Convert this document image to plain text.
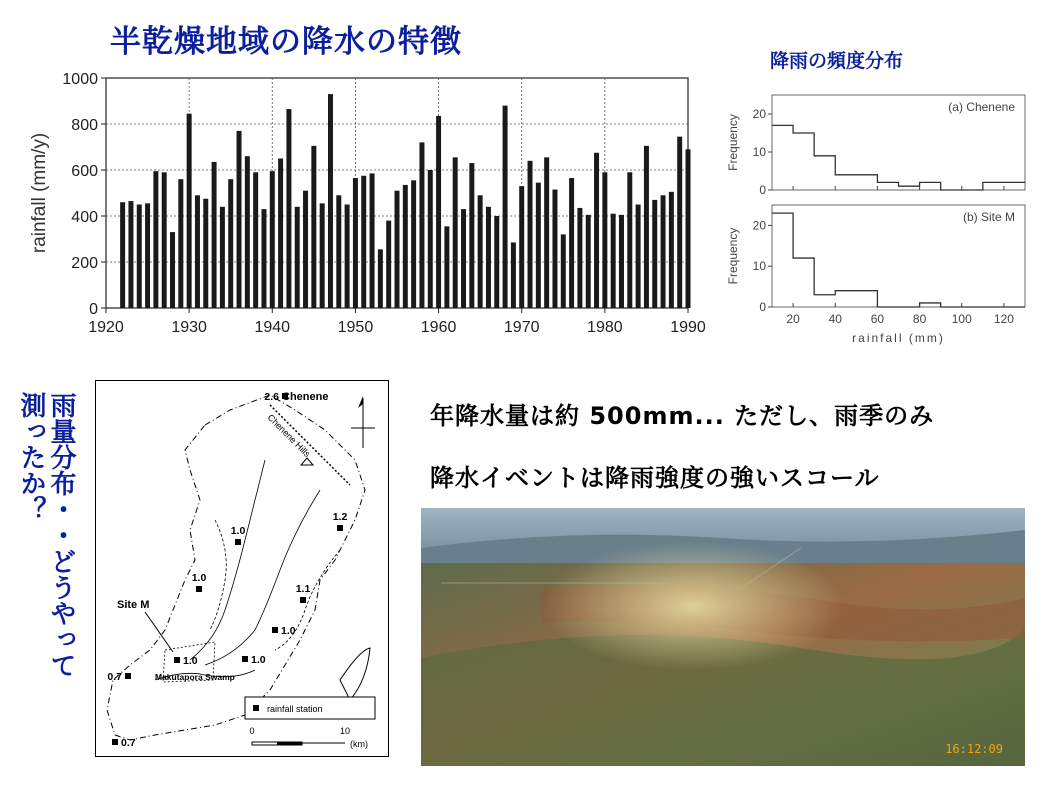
半乾燥地域の降水の特徴
降雨の頻度分布
0
200
400
600
800
1000
1920	1930	1940	1950	1960	1970	1980	1990
rainfall (mm/y)	0
10
20	(a) Chenene
Frequency
0
10
20
20 40 60 80 100 120
(b) Site M
Frequency
rainfall (mm)
雨量分布・・どうやって
測ったか？	2.6
1.2
1.0
1.0
1.1
1.0
1.0
1.0
0.7
0.7
Chenene
Chenene Hills
Site M
Makutapora Swamp
rainfall station
0	10
(km)
年降水量は約 500mm... ただし、雨季のみ
降水イベントは降雨強度の強いスコール
16:12:09
